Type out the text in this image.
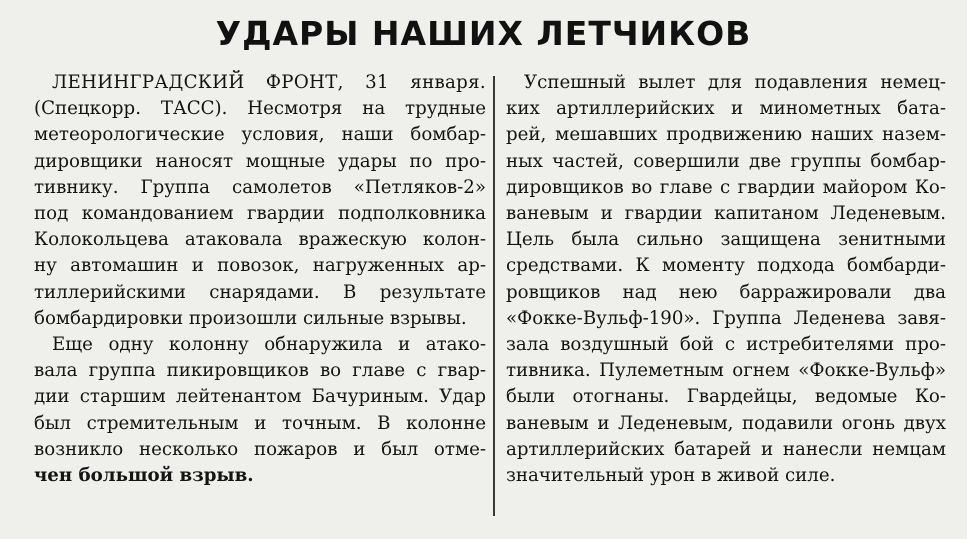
УДАРЫ НАШИХ ЛЕТЧИКОВ
ЛЕНИНГРАДСКИЙ ФРОНТ, 31 января.
(Спецкорр. ТАСС). Несмотря на трудные
метеорологические условия, наши бомбар-
дировщики наносят мощные удары по про-
тивнику. Группа самолетов «Петляков-2»
под командованием гвардии подполковника
Колокольцева атаковала вражескую колон-
ну автомашин и повозок, нагруженных ар-
тиллерийскими снарядами. В результате
бомбардировки произошли сильные взрывы.
Еще одну колонну обнаружила и атако-
вала группа пикировщиков во главе с гвар-
дии старшим лейтенантом Бачуриным. Удар
был стремительным и точным. В колонне
возникло несколько пожаров и был отме-
чен большой взрыв.
Успешный вылет для подавления немец-
ких артиллерийских и минометных бата-
рей, мешавших продвижению наших назем-
ных частей, совершили две группы бомбар-
дировщиков во главе с гвардии майором Ко-
ваневым и гвардии капитаном Леденевым.
Цель была сильно защищена зенитными
средствами. К моменту подхода бомбарди-
ровщиков над нею барражировали два
«Фокке-Вульф-190». Группа Леденева завя-
зала воздушный бой с истребителями про-
тивника. Пулеметным огнем «Фокке-Вульф»
были отогнаны. Гвардейцы, ведомые Ко-
ваневым и Леденевым, подавили огонь двух
артиллерийских батарей и нанесли немцам
значительный урон в живой силе.
